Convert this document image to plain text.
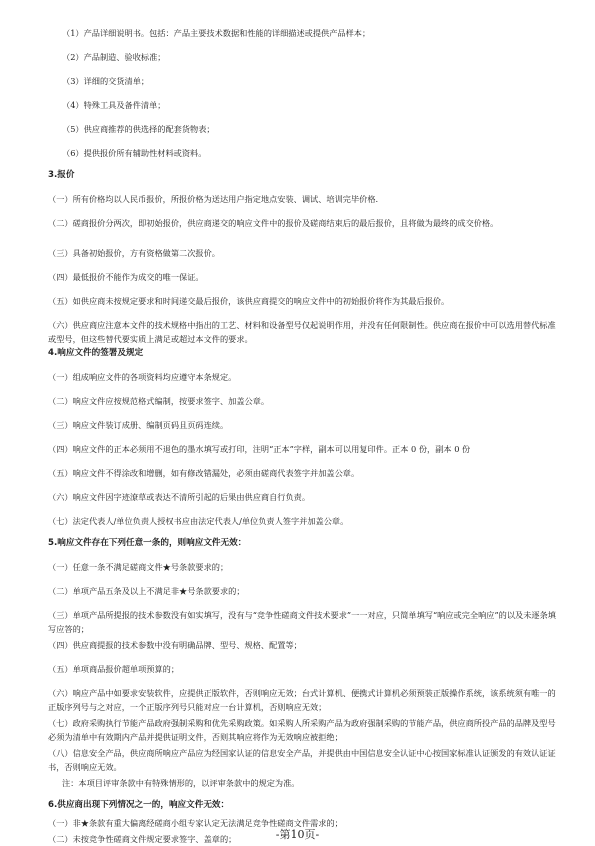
（1）产品详细说明书。包括：产品主要技术数据和性能的详细描述或提供产品样本；
（2）产品制造、验收标准；
（3）详细的交货清单；
（4）特殊工具及备件清单；
（5）供应商推荐的供选择的配套货物表；
（6）提供报价所有辅助性材料或资料。
3.报价
（一）所有价格均以人民币报价，所报价格为送达用户指定地点安装、调试、培训完毕价格.
（二）磋商报价分两次，即初始报价，供应商递交的响应文件中的报价及磋商结束后的最后报价，且将做为最终的成交价格。
（三）具备初始报价，方有资格做第二次报价。
（四）最低报价不能作为成交的唯一保证。
（五）如供应商未按规定要求和时间递交最后报价，该供应商提交的响应文件中的初始报价将作为其最后报价。
（六）供应商应注意本文件的技术规格中指出的工艺、材料和设备型号仅起说明作用，并没有任何限制性。供应商在报价中可以选用替代标准或型号，但这些替代要实质上满足或超过本文件的要求。
4.响应文件的签署及规定
（一）组成响应文件的各项资料均应遵守本条规定。
（二）响应文件应按规范格式编制，按要求签字、加盖公章。
（三）响应文件装订成册、编制页码且页码连续。
（四）响应文件的正本必须用不退色的墨水填写或打印，注明“正本”字样，副本可以用复印件。正本 0 份，副本 0 份
（五）响应文件不得涂改和增删，如有修改错漏处，必须由磋商代表签字并加盖公章。
（六）响应文件因字迹潦草或表达不清所引起的后果由供应商自行负责。
（七）法定代表人/单位负责人授权书应由法定代表人/单位负责人签字并加盖公章。
5.响应文件存在下列任意一条的，则响应文件无效：
（一）任意一条不满足磋商文件★号条款要求的；
（二）单项产品五条及以上不满足非★号条款要求的；
（三）单项产品所提报的技术参数没有如实填写，没有与“竞争性磋商文件技术要求”一一对应，只简单填写“响应或完全响应”的以及未逐条填写应答的；
（四）供应商提报的技术参数中没有明确品牌、型号、规格、配置等；
（五）单项商品报价超单项预算的；
（六）响应产品中如要求安装软件，应提供正版软件，否则响应无效；台式计算机、便携式计算机必须预装正版操作系统，该系统须有唯一的正版序列号与之对应，一个正版序列号只能对应一台计算机，否则响应无效；
（七）政府采购执行节能产品政府强制采购和优先采购政策。如采购人所采购产品为政府强制采购的节能产品，供应商所投产品的品牌及型号必须为清单中有效期内产品并提供证明文件，否则其响应将作为无效响应被拒绝；
（八）信息安全产品，供应商所响应产品应为经国家认证的信息安全产品，并提供由中国信息安全认证中心按国家标准认证颁发的有效认证证书，否则响应无效。
注：本项目评审条款中有特殊情形的，以评审条款中的规定为准。
6.供应商出现下列情况之一的，响应文件无效：
（一）非★条款有重大偏离经磋商小组专家认定无法满足竞争性磋商文件需求的；
（二）未按竞争性磋商文件规定要求签字、盖章的；	-第10页-
